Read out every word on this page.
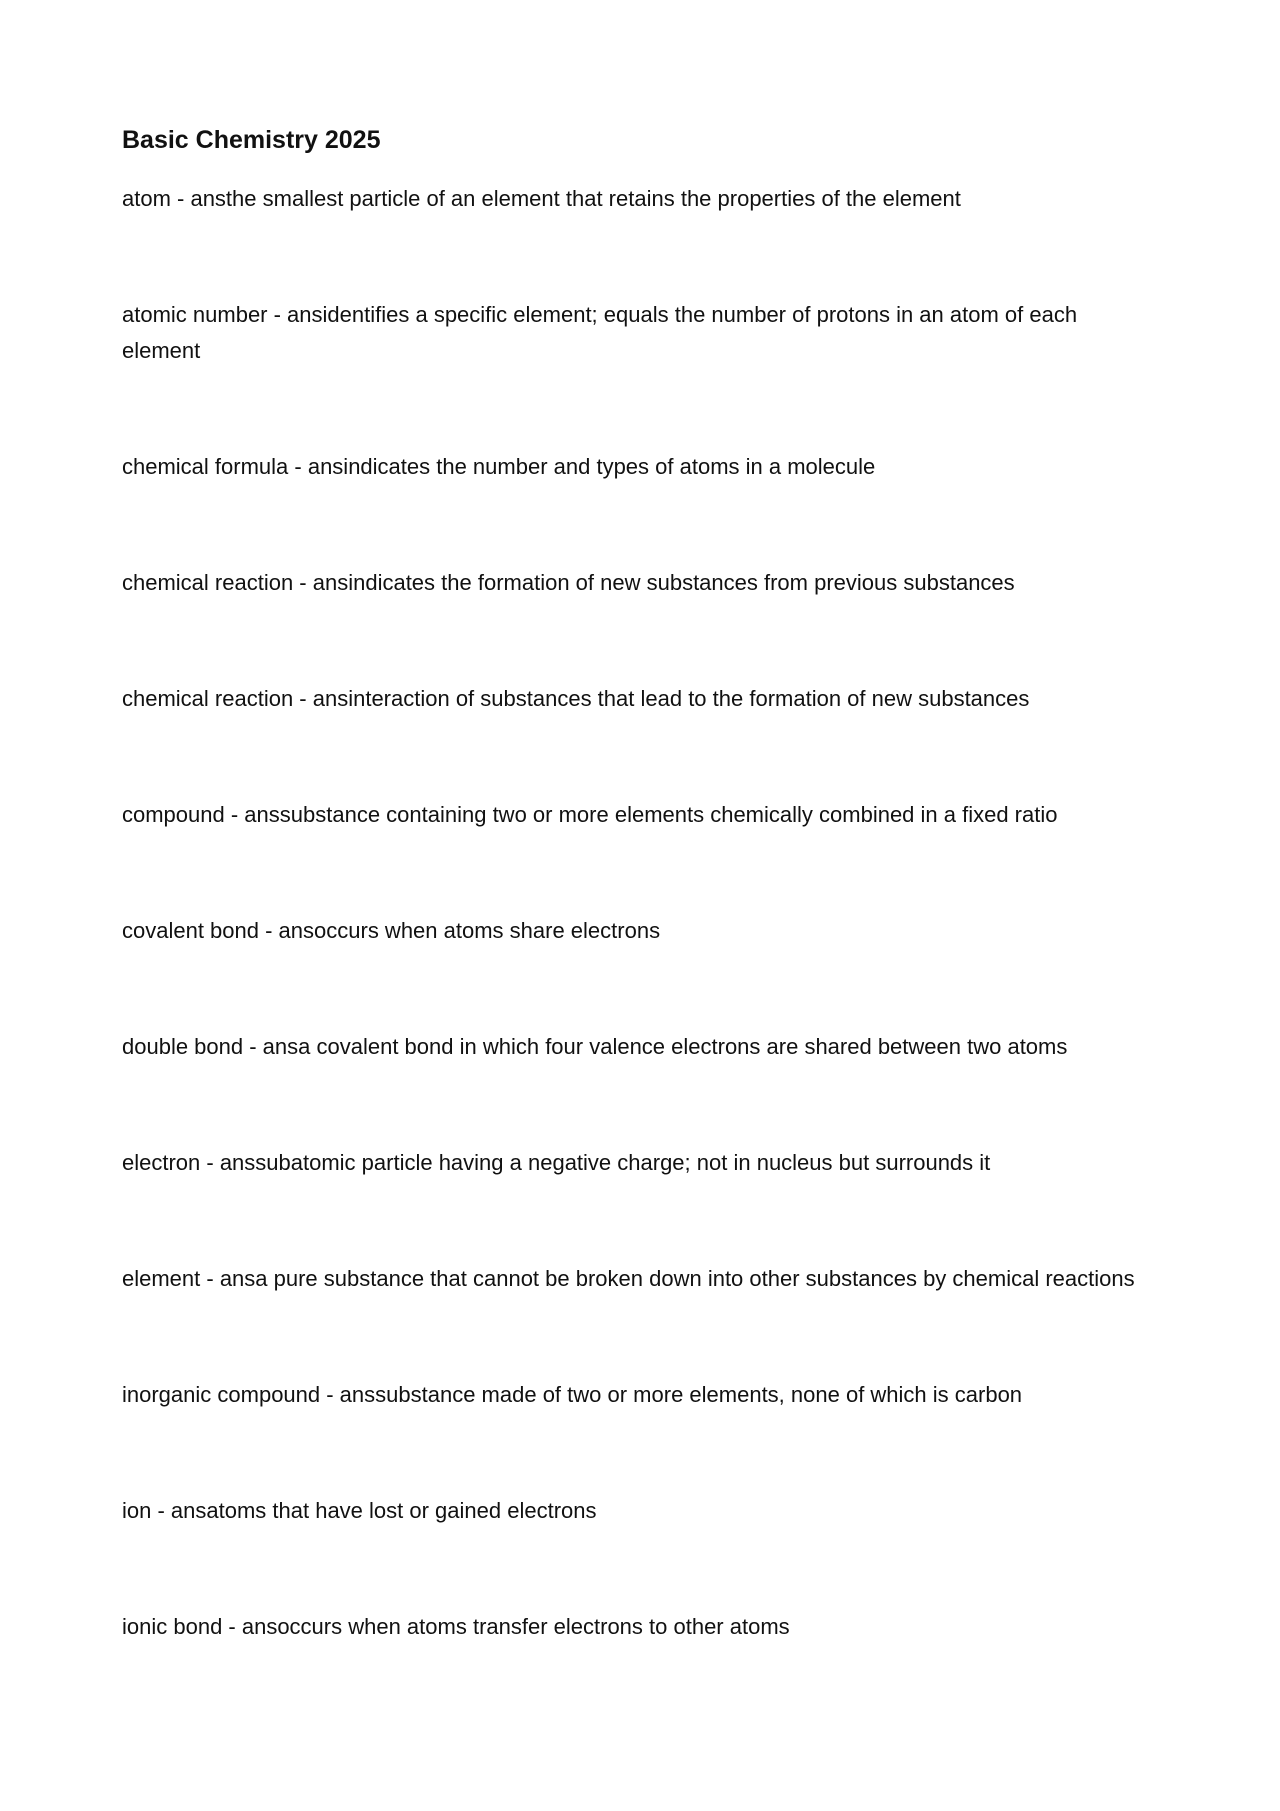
Basic Chemistry 2025
atom - ansthe smallest particle of an element that retains the properties of the element
atomic number - ansidentifies a specific element; equals the number of protons in an atom of each element
chemical formula - ansindicates the number and types of atoms in a molecule
chemical reaction - ansindicates the formation of new substances from previous substances
chemical reaction - ansinteraction of substances that lead to the formation of new substances
compound - anssubstance containing two or more elements chemically combined in a fixed ratio
covalent bond - ansoccurs when atoms share electrons
double bond - ansa covalent bond in which four valence electrons are shared between two atoms
electron - anssubatomic particle having a negative charge; not in nucleus but surrounds it
element - ansa pure substance that cannot be broken down into other substances by chemical reactions
inorganic compound - anssubstance made of two or more elements, none of which is carbon
ion - ansatoms that have lost or gained electrons
ionic bond - ansoccurs when atoms transfer electrons to other atoms
